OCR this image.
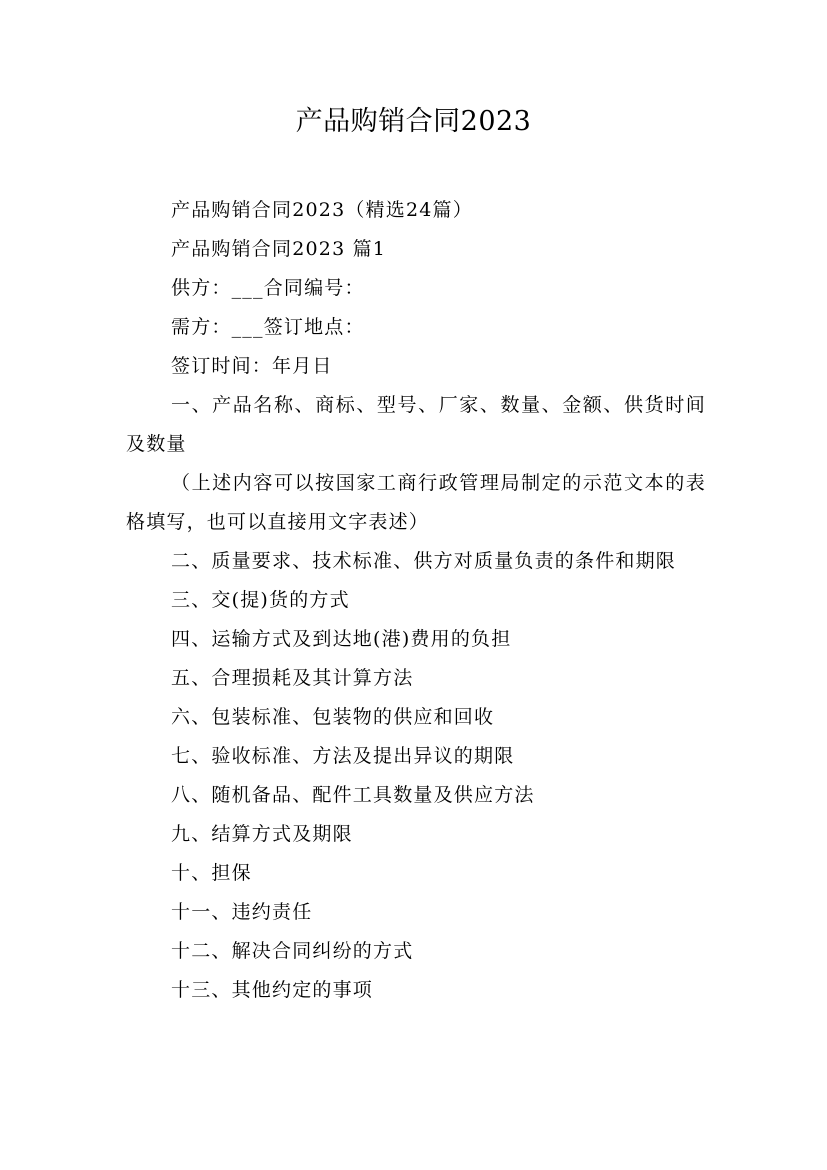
产品购销合同2023

产品购销合同2023（精选24篇）

产品购销合同2023 篇1

供方：___合同编号：

需方：___签订地点：

签订时间：年月日

一、产品名称、商标、型号、厂家、数量、金额、供货时间及数量

（上述内容可以按国家工商行政管理局制定的示范文本的表格填写，也可以直接用文字表述）

二、质量要求、技术标准、供方对质量负责的条件和期限

三、交(提)货的方式

四、运输方式及到达地(港)费用的负担

五、合理损耗及其计算方法

六、包装标准、包装物的供应和回收

七、验收标准、方法及提出异议的期限

八、随机备品、配件工具数量及供应方法

九、结算方式及期限

十、担保

十一、违约责任

十二、解决合同纠纷的方式

十三、其他约定的事项
